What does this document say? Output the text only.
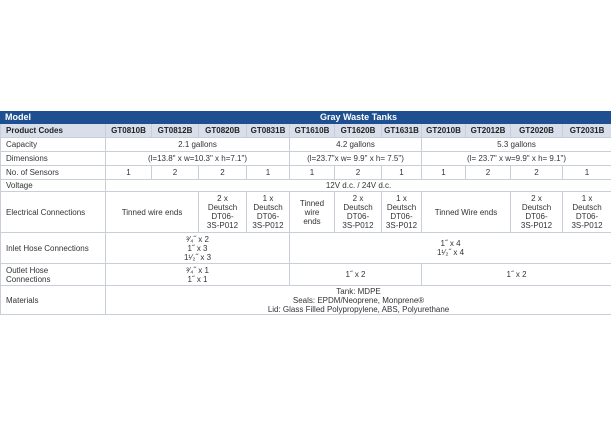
Model	Gray Waste Tanks										
Product Codes	GT0810B	GT0812B	GT0820B	GT0831B	GT1610B	GT1620B	GT1631B	GT2010B	GT2012B	GT2020B	GT2031B
Capacity	2.1 gallons				4.2 gallons			5.3 gallons			
Dimensions	(l=13.8" x w=10.3" x h=7.1")				(l=23.7"x w= 9.9" x h= 7.5")			(l= 23.7" x w=9.9" x h= 9.1")			
No. of Sensors	1	2	2	1	1	2	1	1	2	2	1
Voltage	12V d.c. / 24V d.c.										
Electrical Connections	Tinned wire ends		2 x
Deutsch
DT06-
3S-P012	1 x
Deutsch
DT06-
3S-P012	Tinned wire
ends	2 x
Deutsch
DT06-
3S-P012	1 x
Deutsch
DT06-
3S-P012	Tinned Wire ends		2 x
Deutsch
DT06-
3S-P012	1 x
Deutsch
DT06-
3S-P012

Inlet Hose Connections	³⁄₄˝ x 2
1˝ x 3
1¹⁄₂˝ x 3				1˝ x 4
1¹⁄₂˝ x 4						

Outlet Hose
Connections	³⁄₄˝ x 1
1˝ x 1				1˝ x 2			1˝ x 2			
Materials	Tank: MDPE
Seals: EPDM/Neoprene, Monprene®
Lid: Glass Filled Polypropylene, ABS, Polyurethane										
